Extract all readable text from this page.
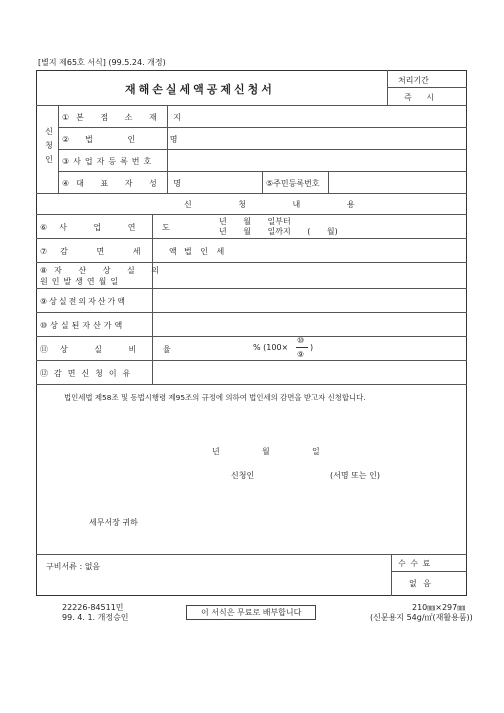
[별지 제65호 서식] (99.5.24. 개정)
재해손실세액공제신청서
처리기간
즉 시
신청인
①본 점 소 재 지
②법 인 명
③사업자등록번호
④대 표 자 성 명	⑤주민등록번호
신 청 내 용
⑥사 업 연 도
년 월 일부터
년 월 일까지 ( 월)
⑦감 면 세 액
법 인 세
⑧자 산 상 실 의
원인발생연월일
⑨상실전의자산가액
⑩상실된자산가액
⑪상 실 비 율	% (100×
⑩
⑨
)
⑫감면신청이유
법인세법 제58조 및 동법시행령 제95조의 규정에 의하여 법인세의 감면을 받고자 신청합니다.
년	월	일
신청인	(서명 또는 인)
세무서장 귀하
구비서류 : 없음	수 수 료
없 음
22226-84511민
99. 4. 1. 개정승인
이 서식은 무료로 배부합니다
210㎜×297㎜
(신문용지 54g/㎡(재활용품))
